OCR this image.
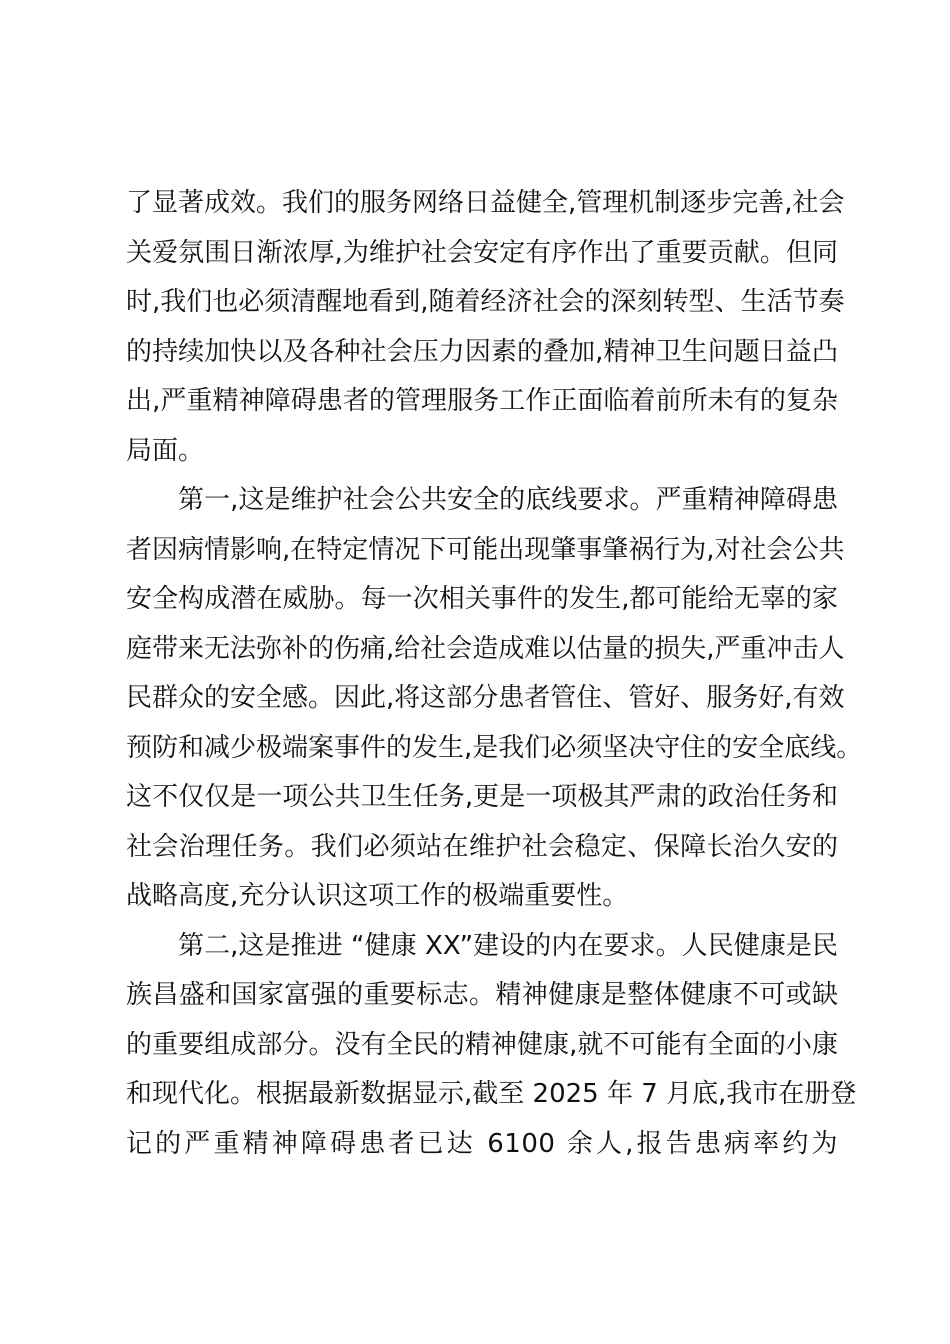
了显著成效。我们的服务网络日益健全,管理机制逐步完善,社会
关爱氛围日渐浓厚,为维护社会安定有序作出了重要贡献。但同
时,我们也必须清醒地看到,随着经济社会的深刻转型、生活节奏
的持续加快以及各种社会压力因素的叠加,精神卫生问题日益凸
出,严重精神障碍患者的管理服务工作正面临着前所未有的复杂
局面。
第一,这是维护社会公共安全的底线要求。严重精神障碍患
者因病情影响,在特定情况下可能出现肇事肇祸行为,对社会公共
安全构成潜在威胁。每一次相关事件的发生,都可能给无辜的家
庭带来无法弥补的伤痛,给社会造成难以估量的损失,严重冲击人
民群众的安全感。因此,将这部分患者管住、管好、服务好,有效
预防和减少极端案事件的发生,是我们必须坚决守住的安全底线。
这不仅仅是一项公共卫生任务,更是一项极其严肃的政治任务和
社会治理任务。我们必须站在维护社会稳定、保障长治久安的
战略高度,充分认识这项工作的极端重要性。
第二,这是推进 “健康 XX”建设的内在要求。人民健康是民
族昌盛和国家富强的重要标志。精神健康是整体健康不可或缺
的重要组成部分。没有全民的精神健康,就不可能有全面的小康
和现代化。根据最新数据显示,截至 2025 年 7 月底,我市在册登
记的严重精神障碍患者已达 6100 余人,报告患病率约为
